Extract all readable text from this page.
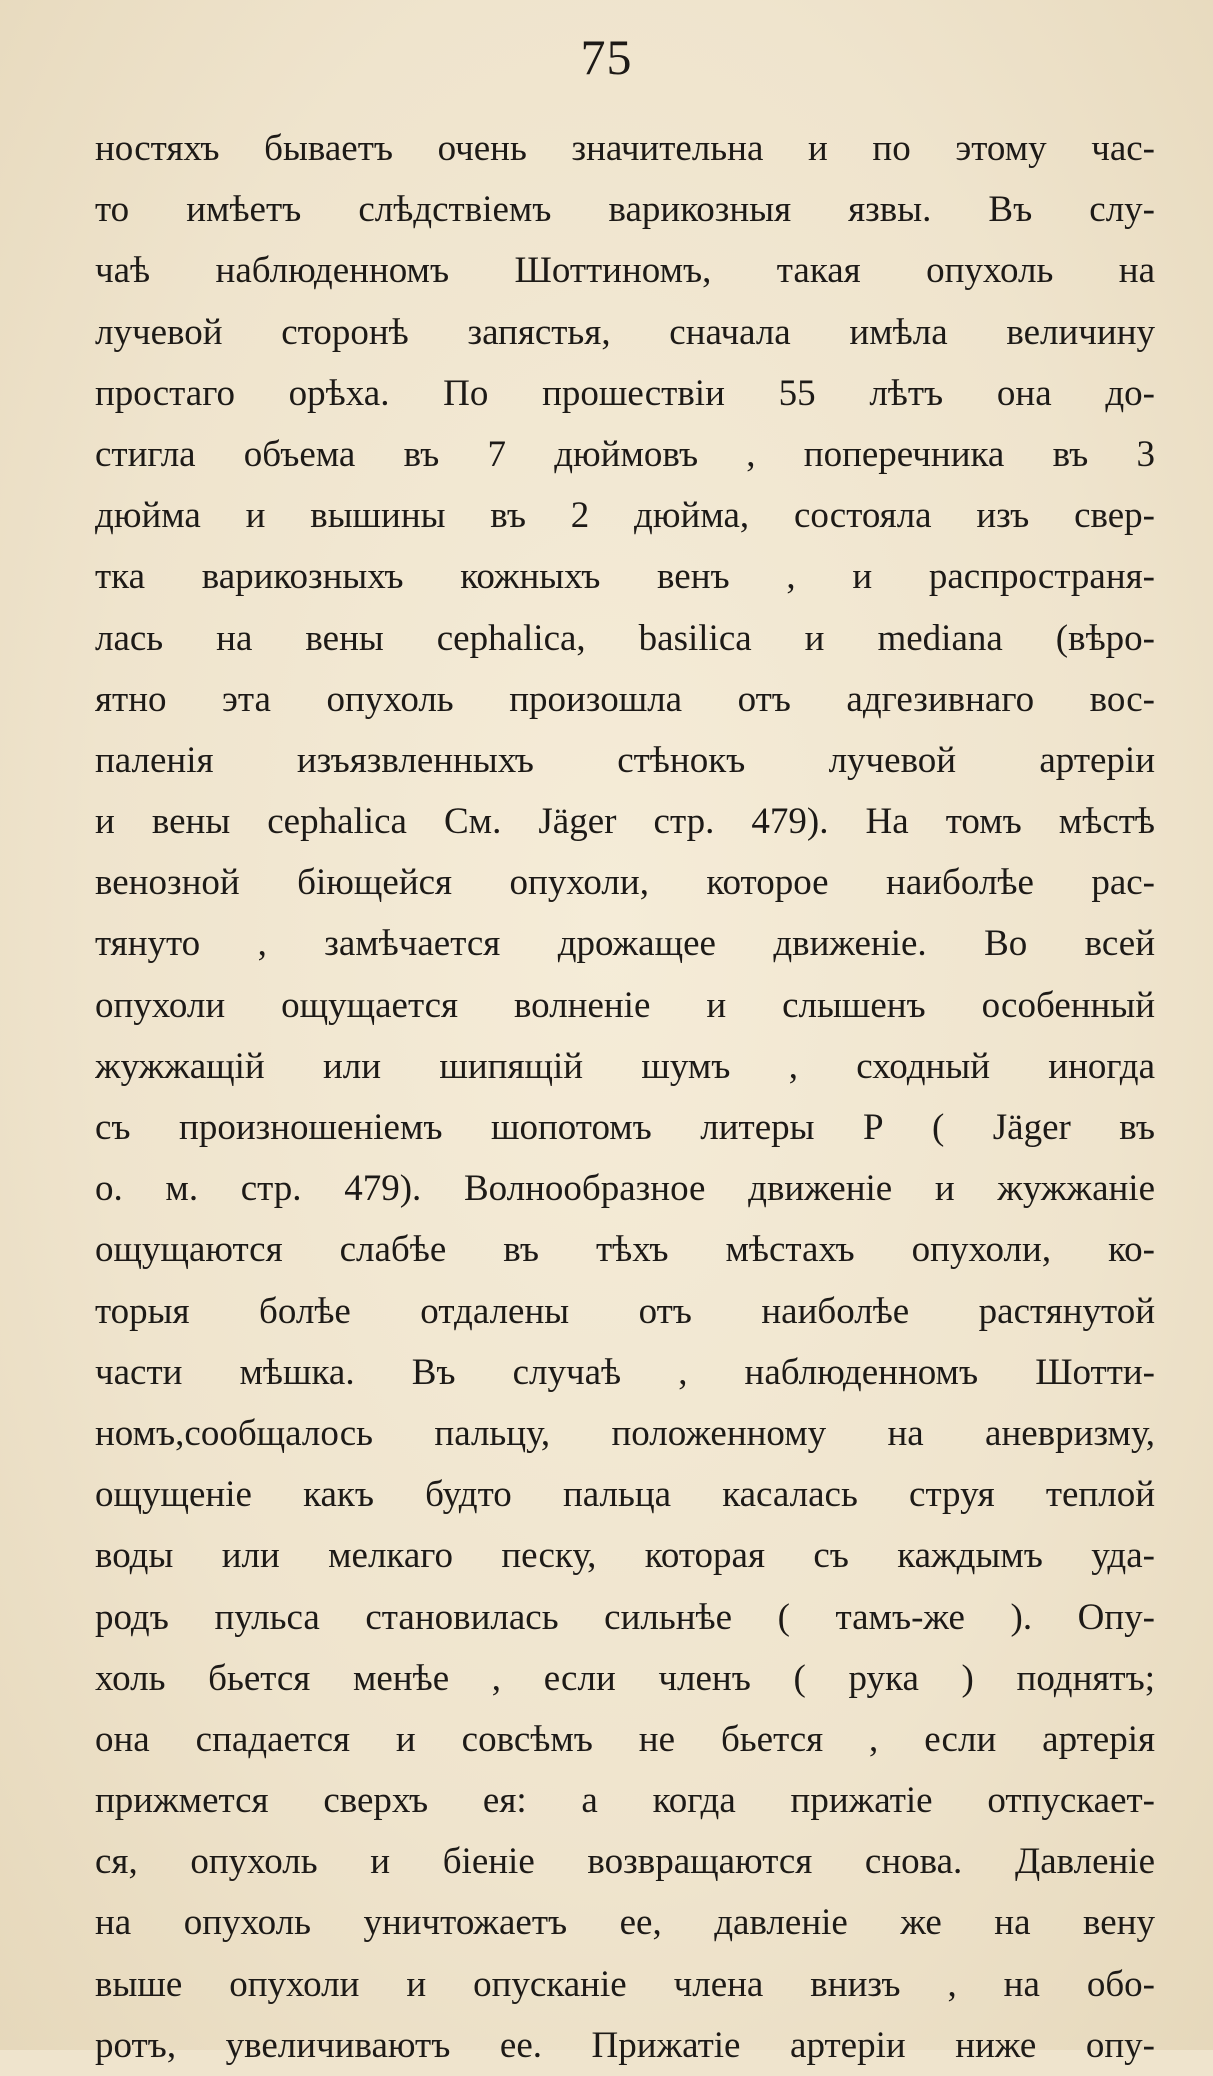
75
ностяхъ бываетъ очень значительна и по этому час-
то имѣетъ слѣдствіемъ варикозныя язвы. Въ слу-
чаѣ наблюденномъ Шоттиномъ, такая опухоль на
лучевой сторонѣ запястья, сначала имѣла величину
простаго орѣха. По прошествіи 55 лѣтъ она до-
стигла объема въ 7 дюймовъ , поперечника въ 3
дюйма и вышины въ 2 дюйма, состояла изъ свер-
тка варикозныхъ кожныхъ венъ , и распространя-
лась на вены cephalica, basilica и mediana (вѣро-
ятно эта опухоль произошла отъ адгезивнаго вос-
паленія изъязвленныхъ стѣнокъ лучевой артеріи
и вены cephalica См. Jäger стр. 479). На томъ мѣстѣ
венозной біющейся опухоли, которое наиболѣе рас-
тянуто , замѣчается дрожащее движеніе. Во всей
опухоли ощущается волненіе и слышенъ особенный
жужжащій или шипящій шумъ , сходный иногда
съ произношеніемъ шопотомъ литеры Р ( Jäger въ
о. м. стр. 479). Волнообразное движеніе и жужжаніе
ощущаются слабѣе въ тѣхъ мѣстахъ опухоли, ко-
торыя болѣе отдалены отъ наиболѣе растянутой
части мѣшка. Въ случаѣ , наблюденномъ Шотти-
номъ,сообщалось пальцу, положенному на аневризму,
ощущеніе какъ будто пальца касалась струя теплой
воды или мелкаго песку, которая съ каждымъ уда-
родъ пульса становилась сильнѣе ( тамъ-же ). Опу-
холь бьется менѣе , если членъ ( рука ) поднятъ;
она спадается и совсѣмъ не бьется , если артерія
прижмется сверхъ ея: а когда прижатіе отпускает-
ся, опухоль и біеніе возвращаются снова. Давленіе
на опухоль уничтожаетъ ее, давленіе же на вену
выше опухоли и опусканіе члена внизъ , на обо-
ротъ, увеличиваютъ ее. Прижатіе артеріи ниже опу-
